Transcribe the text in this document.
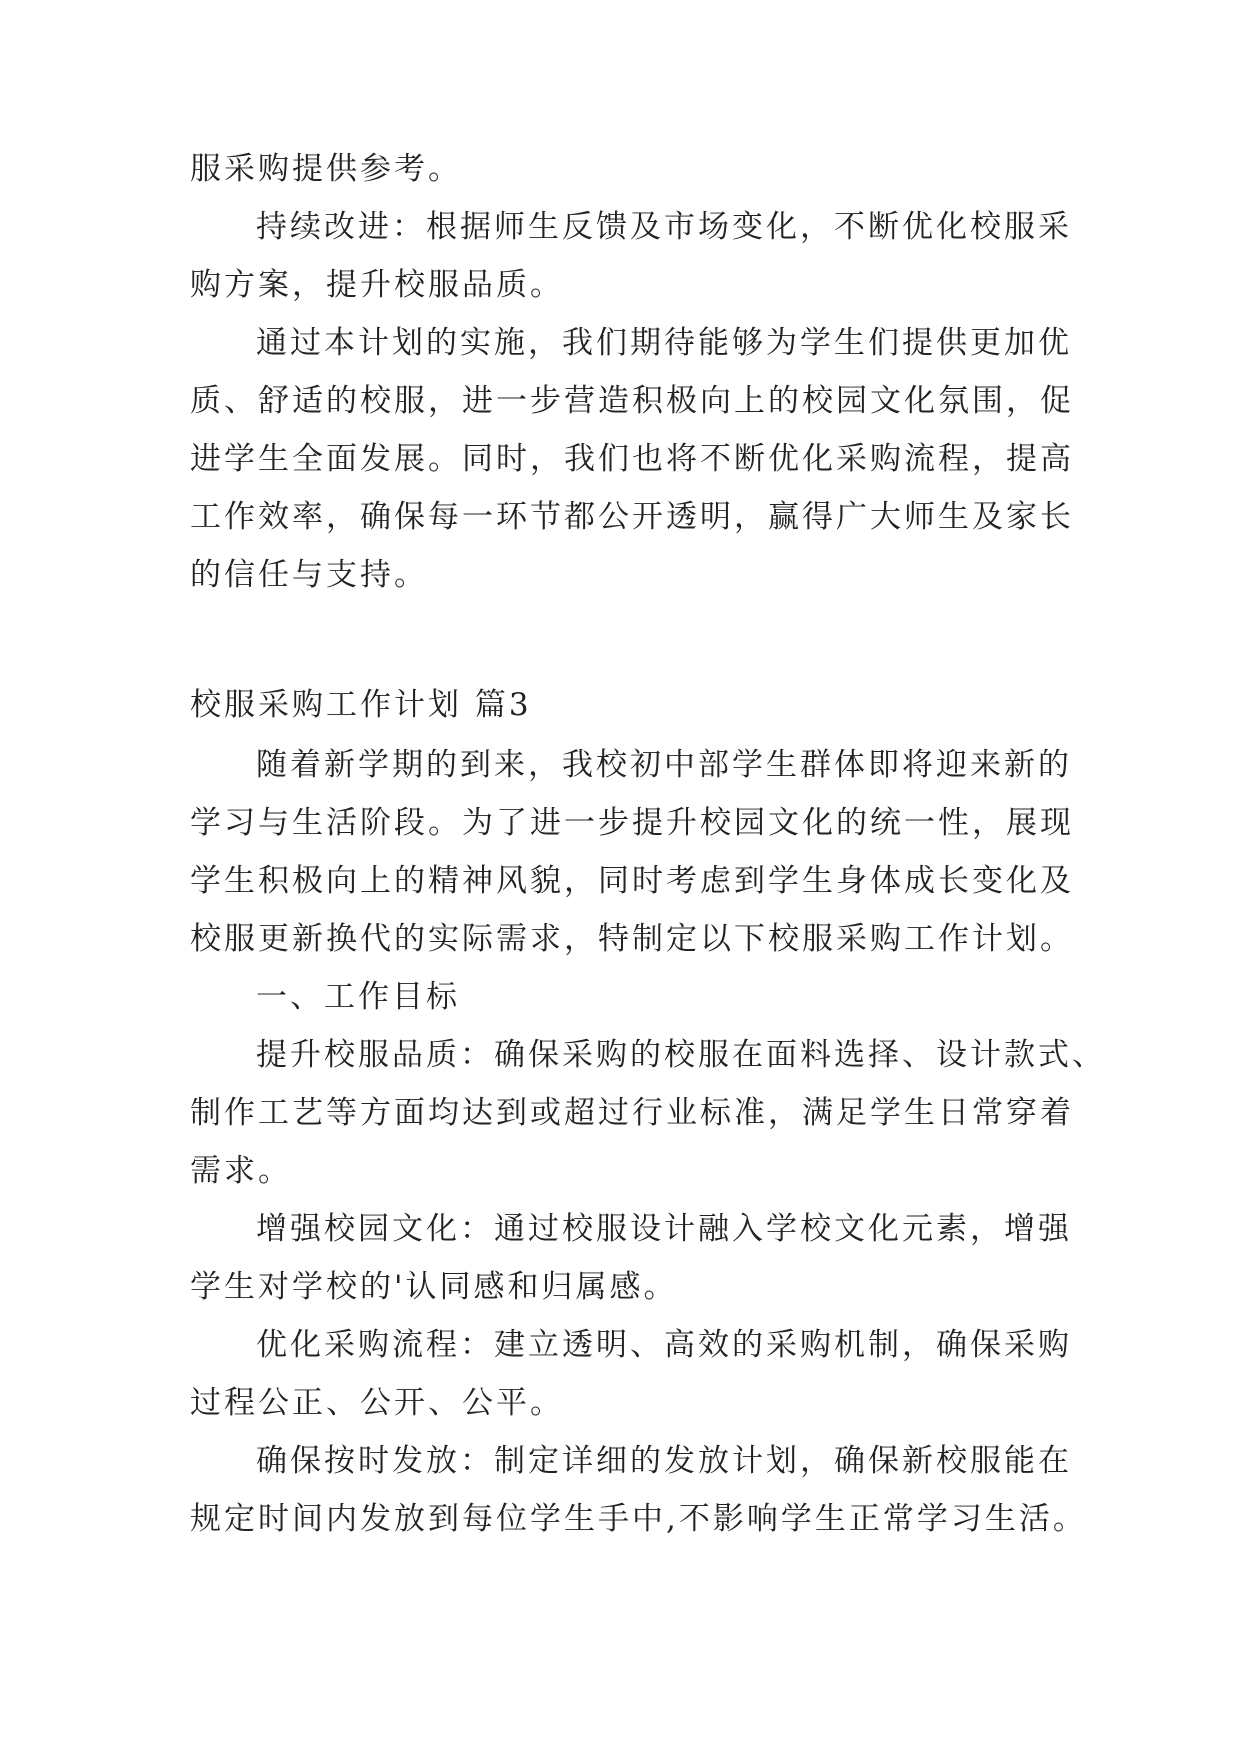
服采购提供参考。
持续改进：根据师生反馈及市场变化，不断优化校服采
购方案，提升校服品质。
通过本计划的实施，我们期待能够为学生们提供更加优
质、舒适的校服，进一步营造积极向上的校园文化氛围，促
进学生全面发展。同时，我们也将不断优化采购流程，提高
工作效率，确保每一环节都公开透明，赢得广大师生及家长
的信任与支持。
校服采购工作计划 篇3
随着新学期的到来，我校初中部学生群体即将迎来新的
学习与生活阶段。为了进一步提升校园文化的统一性，展现
学生积极向上的精神风貌，同时考虑到学生身体成长变化及
校服更新换代的实际需求，特制定以下校服采购工作计划。
一、工作目标
提升校服品质：确保采购的校服在面料选择、设计款式、
制作工艺等方面均达到或超过行业标准，满足学生日常穿着
需求。
增强校园文化：通过校服设计融入学校文化元素，增强
学生对学校的'认同感和归属感。
优化采购流程：建立透明、高效的采购机制，确保采购
过程公正、公开、公平。
确保按时发放：制定详细的发放计划，确保新校服能在
规定时间内发放到每位学生手中,不影响学生正常学习生活。
